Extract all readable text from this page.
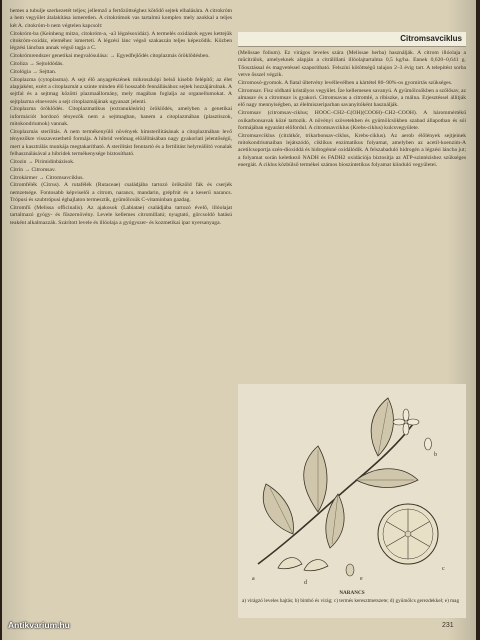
hemes a tubulje szerkezetét teljes; jellemző a fertőzöttséghez kötődő sejtek elhalására. A citrokróm a hem vegyület átalakítása ismeretlen. A citokrómok vas tartalmú komplex mely azokkal a teljes két A. citokróm-b nem végtelen kapcsolt:

Citokróm-ba (Keinheng mitzo, citokróm-a, -a3 légzésoxidáz). A termelés oxidázok egyes kettejük citokróm-oxidáz, eleméhez ismerteti. A légzési lánc végső szakaszán teljes képeződik. Közben légzési láncban annak végső tagja a C.

Citokrómrendszer genetikai megvalósulása: → Egyedfejlődés citoplazmás öröklődésben.

Citoliza → Sejtoldódás.

Citológia → Sejttan.

Citoplazma (cytoplasma). A sejt élő anyagrészének mikroszkópi belső kisebb felépítő; az élet alapjaként, ezért a citoplazmát a szinte minden élő hosszabb fennállásához sejtek hozzájárulnak. A sejtfal és a sejtmag közötti plazmaállomány, mely magában foglalja az organellumokat. A sejtplazma elnevezés a sejt citoplazmájának ugyanazt jelenti.

Citoplazma öröklődés. Citoplazmatikus (extranukleáris) öröklődés, amelyben a genetikai információt hordozó tényezők nem a sejtmagban, hanem a citoplazmában (plasztiszok, mitokondriumok) vannak.

Citoplazmás sterilitás. A nem termékenyülő növények hímsterilitásának a citoplazmában levő tényezőkre visszavezethető formája. A hibrid vetőmag előállításában nagy gyakorlati jelentőségű, mert a kasztrálás munkája megtakarítható. A sterilitást fenntartó és a fertilitást helyreállító vonalak felhasználásával a hibridek termékenysége biztosítható.

Citozin → Pirimidinbázisok.

Citrin → Citromsav.

Citrokármer → Citromsavciklus.

Citromfélék (Citrus). A rutafélék (Rutaceae) családjába tartozó örökzöld fák és cserjék nemzetsége. Fontosabb képviselői a citrom, narancs, mandarin, grépfrút és a keserű narancs. Trópusi és szubtrópusi éghajlaton termesztik, gyümölcsük C-vitaminban gazdag.

Citromfű (Melissa officinalis). Az ajakosok (Labiatae) családjába tartozó évelő, illóolajat tartalmazó gyógy- és fűszernövény. Levele kellemes citromillatú; nyugtató, görcsoldó hatású teaként alkalmazzák. Szárított levele és illóolaja a gyógyszer- és kozmetikai ipar nyersanyaga.

Citromsavciklus

(Melissae folium). Ez virágos leveles szára (Melissae herba) használják. A citrom illóolaja a műcitrálok, amelyeknek alapján a citrálillatú illóolajtartalma 0,5 kg/ha. Ennek 0,620–0,641 g. Tőosztással és magvetéssel szaporítható. Felszíni kötöttségű talajon 2–3 évig tart. A telepítést sorba vetve ősszel végzik.

Citromosó-gyomok. A fiatal ültetvény levéllevélben a kártétel 80–90%-os gyomirtás szükséges.

Citromsav. Fisz oldható kristályos vegyület. Íze kellemesen savanyú. A gyümölcsökben a szőlősav, az almasav és a citromsav is gyakori. Citromsavas a citromlé, a ribiszke, a málna. Erjesztéssel állítják elő nagy mennyiségben, az élelmiszeriparban savanyítóként használják.

Citromsav (citromsav-ciklus; HOOC–CH2–C(OH)(COOH)–CH2–COOH). A hárommértékű oxikarbonsavak közé tartozik. A növényi szövetekben és gyümölcsökben szabad állapotban és sói formájában egyaránt előfordul. A citromsavciklus (Krebs-ciklus) kulcsvegyülete.

Citromsavciklus (citrátkör, trikarbonsav-ciklus, Krebs-ciklus). Az aerob élőlények sejtjeinek mitokondriumaiban lejátszódó, ciklikus enzimatikus folyamat, amelyben az acetil-koenzim-A acetilcsoportja szén-dioxiddá és hidrogénné oxidálódik. A felszabaduló hidrogén a légzési láncba jut; a folyamat során keletkező NADH és FADH2 oxidációja biztosítja az ATP-szintézishez szükséges energiát. A ciklus közbülső termékei számos bioszintetikus folyamat kiinduló vegyületei.

a
b
c
d
e
NARANCS
a) virágzó leveles hajtás; b) bimbó és virág; c) termés keresztmetszete; d) gyümölcs gerezdekkel; e) mag
231
Antikvarium.hu
